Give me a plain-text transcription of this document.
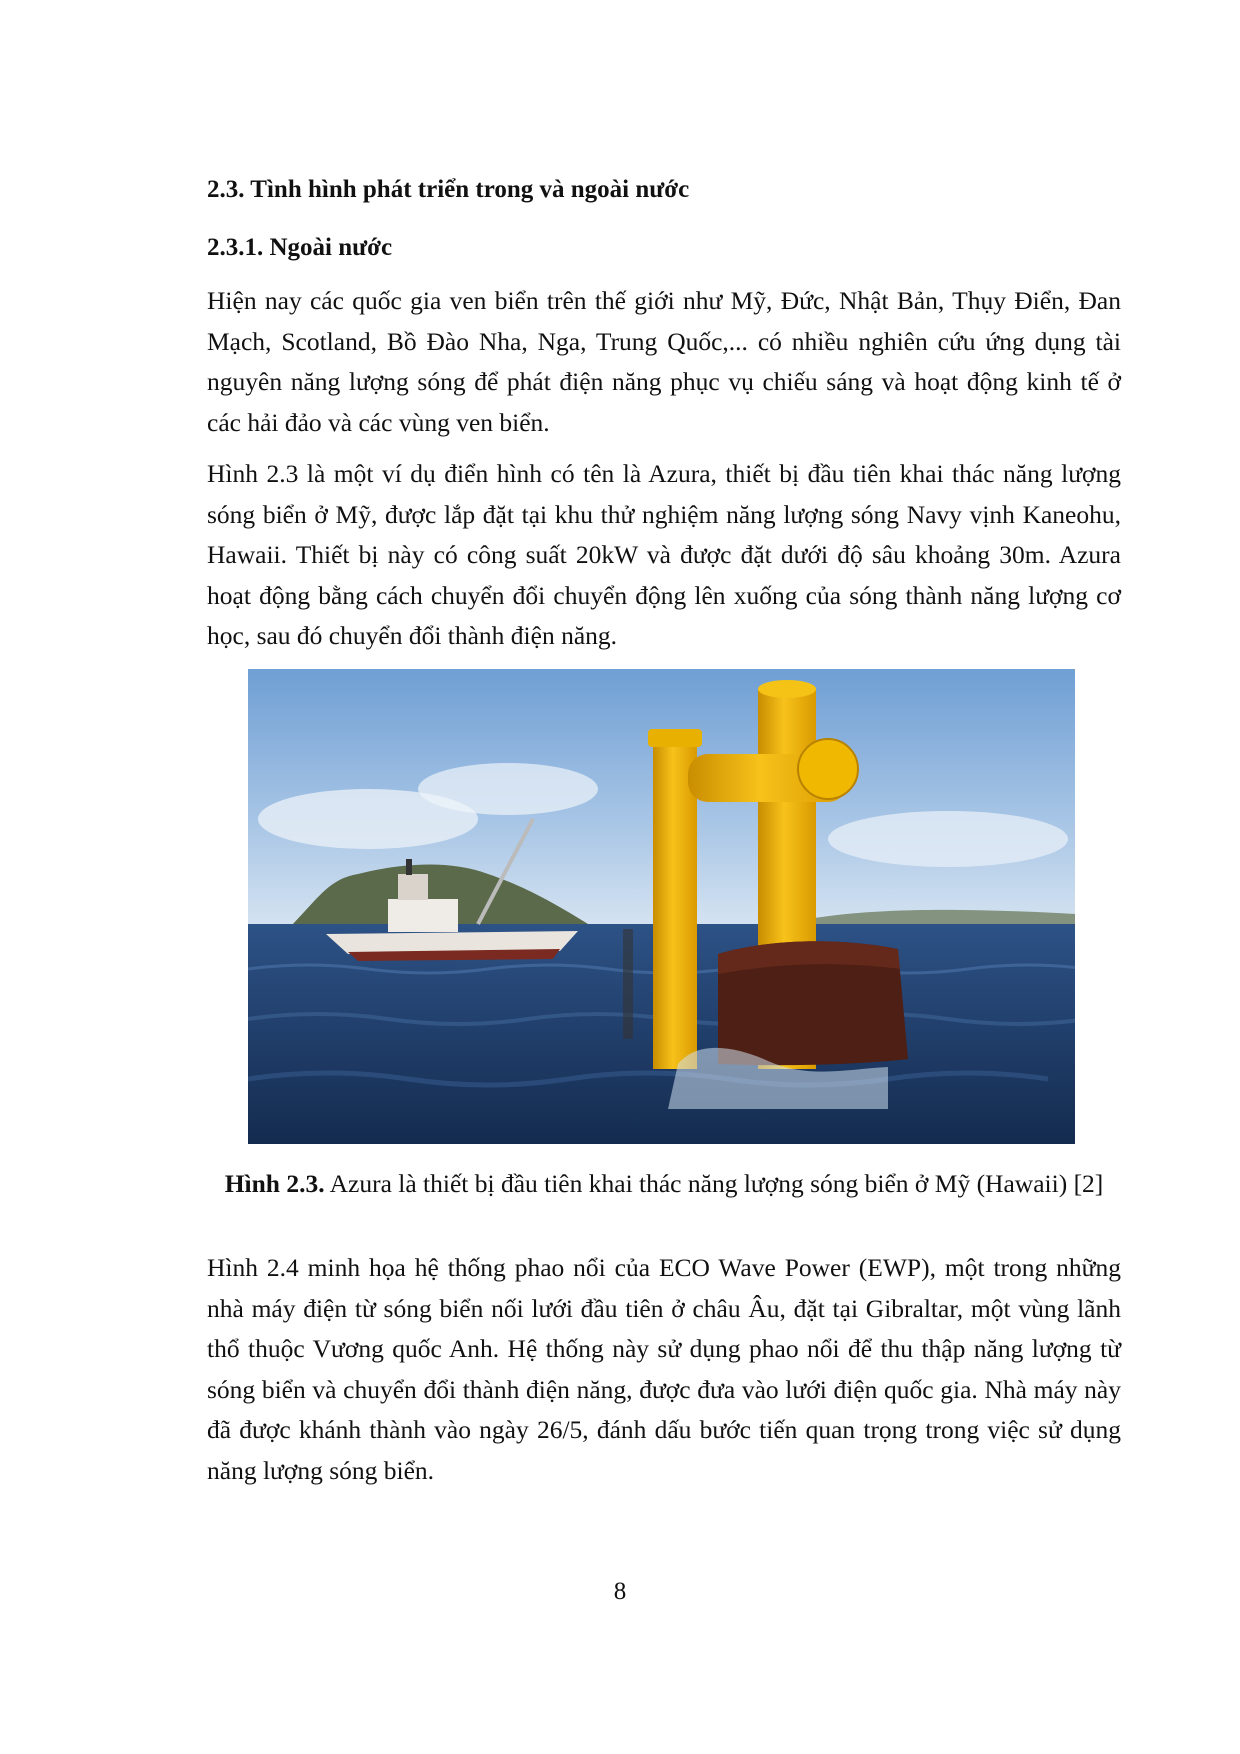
2.3. Tình hình phát triển trong và ngoài nước
2.3.1. Ngoài nước

Hiện nay các quốc gia ven biển trên thế giới như Mỹ, Đức, Nhật Bản, Thụy Điển, Đan Mạch, Scotland, Bồ Đào Nha, Nga, Trung Quốc,... có nhiều nghiên cứu ứng dụng tài nguyên năng lượng sóng để phát điện năng phục vụ chiếu sáng và hoạt động kinh tế ở các hải đảo và các vùng ven biển.

Hình 2.3 là một ví dụ điển hình có tên là Azura, thiết bị đầu tiên khai thác năng lượng sóng biển ở Mỹ, được lắp đặt tại khu thử nghiệm năng lượng sóng Navy vịnh Kaneohu, Hawaii. Thiết bị này có công suất 20kW và được đặt dưới độ sâu khoảng 30m. Azura hoạt động bằng cách chuyển đổi chuyển động lên xuống của sóng thành năng lượng cơ học, sau đó chuyển đổi thành điện năng.

Hình 2.3. Azura là thiết bị đầu tiên khai thác năng lượng sóng biển ở Mỹ (Hawaii) [2]

Hình 2.4 minh họa hệ thống phao nổi của ECO Wave Power (EWP), một trong những nhà máy điện từ sóng biển nối lưới đầu tiên ở châu Âu, đặt tại Gibraltar, một vùng lãnh thổ thuộc Vương quốc Anh. Hệ thống này sử dụng phao nổi để thu thập năng lượng từ sóng biển và chuyển đổi thành điện năng, được đưa vào lưới điện quốc gia. Nhà máy này đã được khánh thành vào ngày 26/5, đánh dấu bước tiến quan trọng trong việc sử dụng năng lượng sóng biển.

8
